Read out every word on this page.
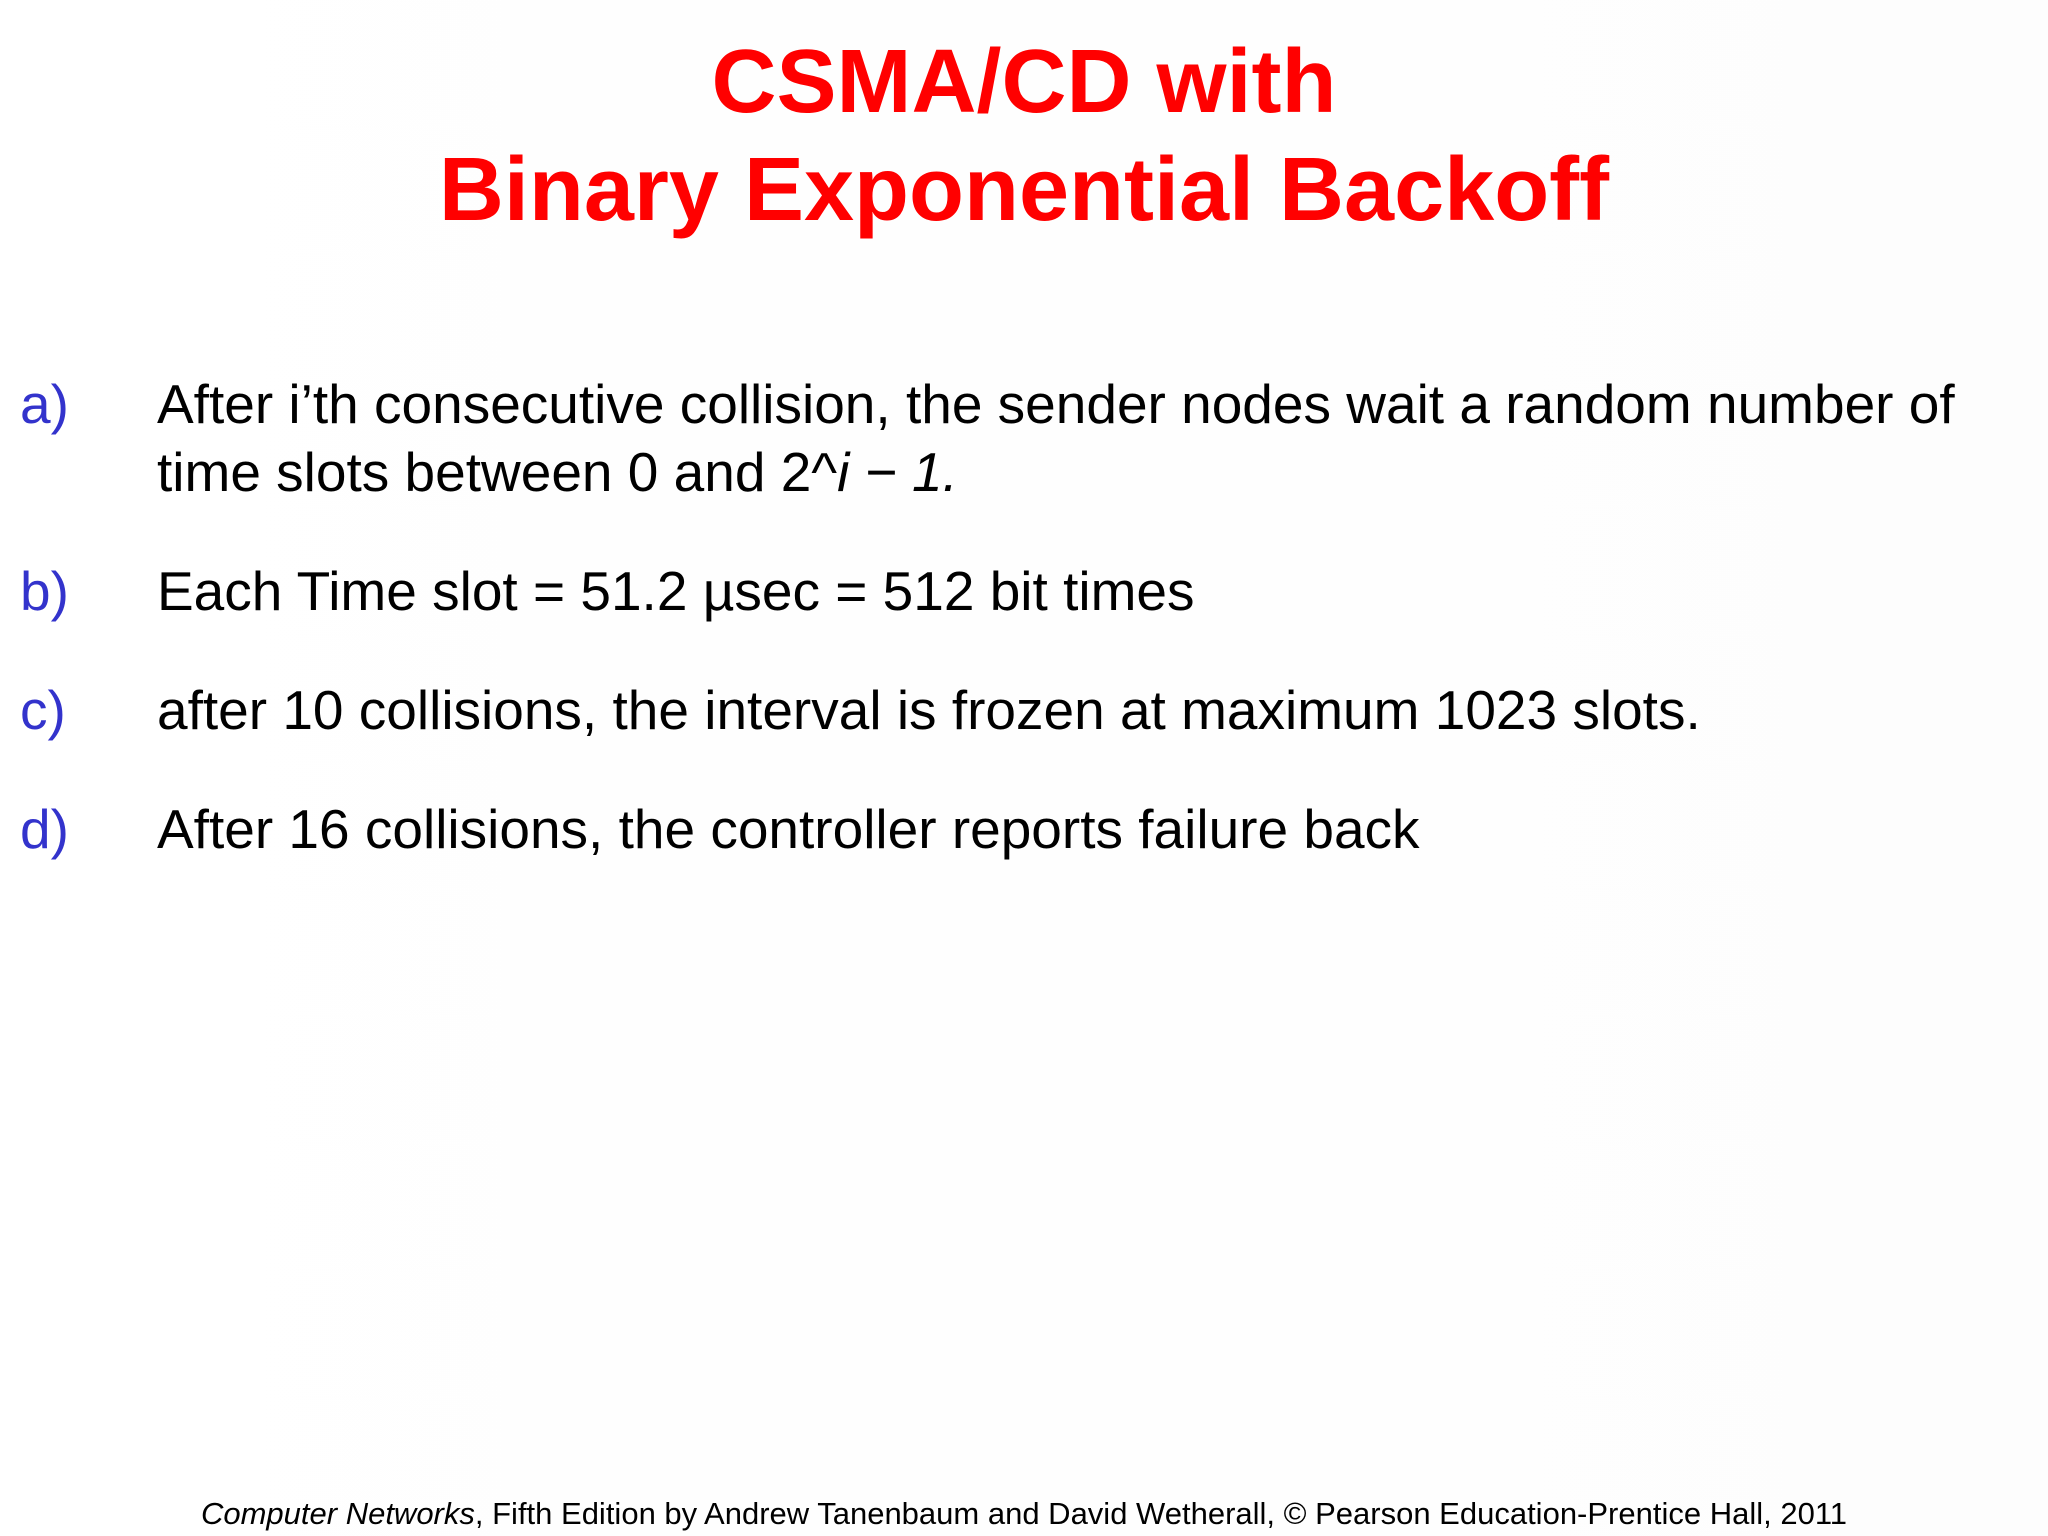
CSMA/CD with
Binary Exponential Backoff
a) After i’th consecutive collision, the sender nodes wait a random number of
time slots between 0 and 2^i − 1.
b) Each Time slot = 51.2 µsec = 512 bit times
c) after 10 collisions, the interval is frozen at maximum 1023 slots.
d) After 16 collisions, the controller reports failure back
Computer Networks, Fifth Edition by Andrew Tanenbaum and David Wetherall, © Pearson Education-Prentice Hall, 2011
